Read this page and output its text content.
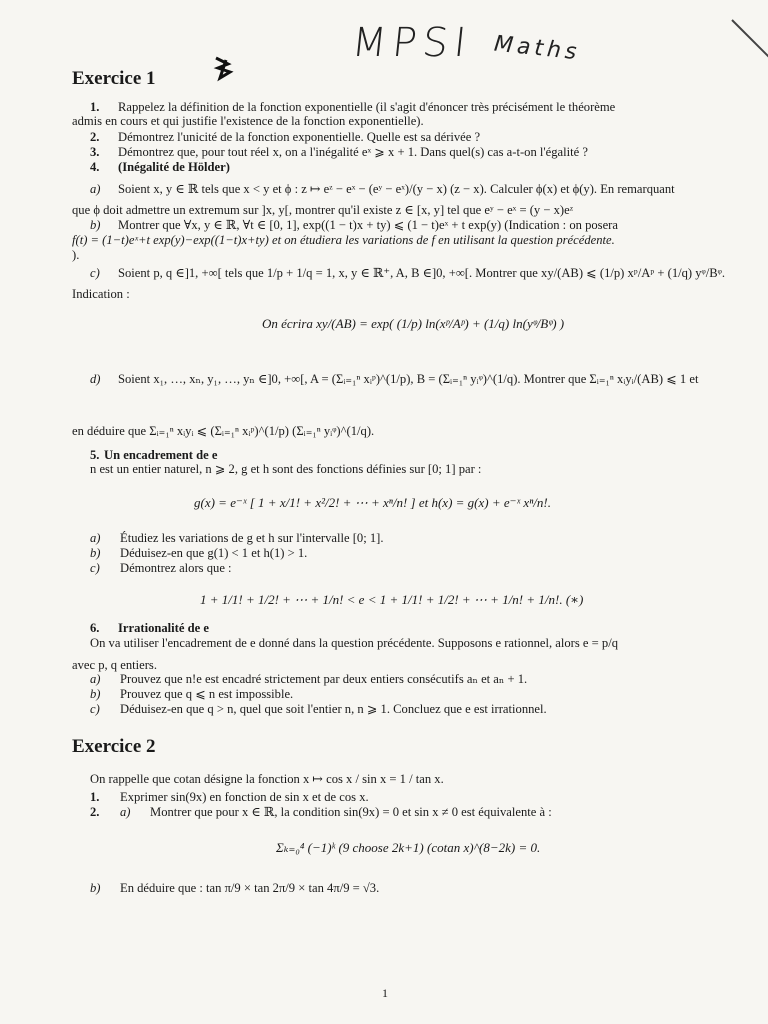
MPSI Maths
Exercice 1
1. Rappelez la définition de la fonction exponentielle (il s'agit d'énoncer très précisément le théorème
admis en cours et qui justifie l'existence de la fonction exponentielle).
2. Démontrez l'unicité de la fonction exponentielle. Quelle est sa dérivée ?
3. Démontrez que, pour tout réel x, on a l'inégalité eˣ ⩾ x + 1. Dans quel(s) cas a-t-on l'égalité ?
4. (Inégalité de Hölder)
a) Soient x, y ∈ ℝ tels que x < y et ϕ : z ↦ eᶻ − eˣ − (eʸ − eˣ)/(y − x) (z − x). Calculer ϕ(x) et ϕ(y). En remarquant
que ϕ doit admettre un extremum sur ]x, y[, montrer qu'il existe z ∈ [x, y] tel que eʸ − eˣ = (y − x)eᶻ
b) Montrer que ∀x, y ∈ ℝ, ∀t ∈ [0, 1], exp((1 − t)x + ty) ⩽ (1 − t)eˣ + t exp(y) (Indication : on posera
f(t) = (1−t)eˣ+t exp(y)−exp((1−t)x+ty) et on étudiera les variations de f en utilisant la question précédente.
).
c) Soient p, q ∈]1, +∞[ tels que 1/p + 1/q = 1, x, y ∈ ℝ⁺, A, B ∈]0, +∞[. Montrer que xy/(AB) ⩽ (1/p) xᵖ/Aᵖ + (1/q) yᵠ/Bᵠ.
Indication :
On écrira xy/(AB) = exp( (1/p) ln(xᵖ/Aᵖ) + (1/q) ln(yᵠ/Bᵠ) )
d) Soient x₁, …, xₙ, y₁, …, yₙ ∈]0, +∞[, A = (Σᵢ₌₁ⁿ xᵢᵖ)^(1/p), B = (Σᵢ₌₁ⁿ yᵢᵠ)^(1/q). Montrer que Σᵢ₌₁ⁿ xᵢyᵢ/(AB) ⩽ 1 et
en déduire que Σᵢ₌₁ⁿ xᵢyᵢ ⩽ (Σᵢ₌₁ⁿ xᵢᵖ)^(1/p) (Σᵢ₌₁ⁿ yᵢᵠ)^(1/q).
5. Un encadrement de e
n est un entier naturel, n ⩾ 2, g et h sont des fonctions définies sur [0; 1] par :
g(x) = e⁻ˣ [ 1 + x/1! + x²/2! + ⋯ + xⁿ/n! ] et h(x) = g(x) + e⁻ˣ xⁿ/n!.
a) Étudiez les variations de g et h sur l'intervalle [0; 1].
b) Déduisez-en que g(1) < 1 et h(1) > 1.
c) Démontrez alors que :
1 + 1/1! + 1/2! + ⋯ + 1/n! < e < 1 + 1/1! + 1/2! + ⋯ + 1/n! + 1/n!. (∗)
6. Irrationalité de e
On va utiliser l'encadrement de e donné dans la question précédente. Supposons e rationnel, alors e = p/q
avec p, q entiers.
a) Prouvez que n!e est encadré strictement par deux entiers consécutifs aₙ et aₙ + 1.
b) Prouvez que q ⩽ n est impossible.
c) Déduisez-en que q > n, quel que soit l'entier n, n ⩾ 1. Concluez que e est irrationnel.
Exercice 2
On rappelle que cotan désigne la fonction x ↦ cos x / sin x = 1 / tan x.
1. Exprimer sin(9x) en fonction de sin x et de cos x.
2. a) Montrer que pour x ∈ ℝ, la condition sin(9x) = 0 et sin x ≠ 0 est équivalente à :
Σₖ₌₀⁴ (−1)ᵏ (9 choose 2k+1) (cotan x)^(8−2k) = 0.
b) En déduire que : tan π/9 × tan 2π/9 × tan 4π/9 = √3.
1
